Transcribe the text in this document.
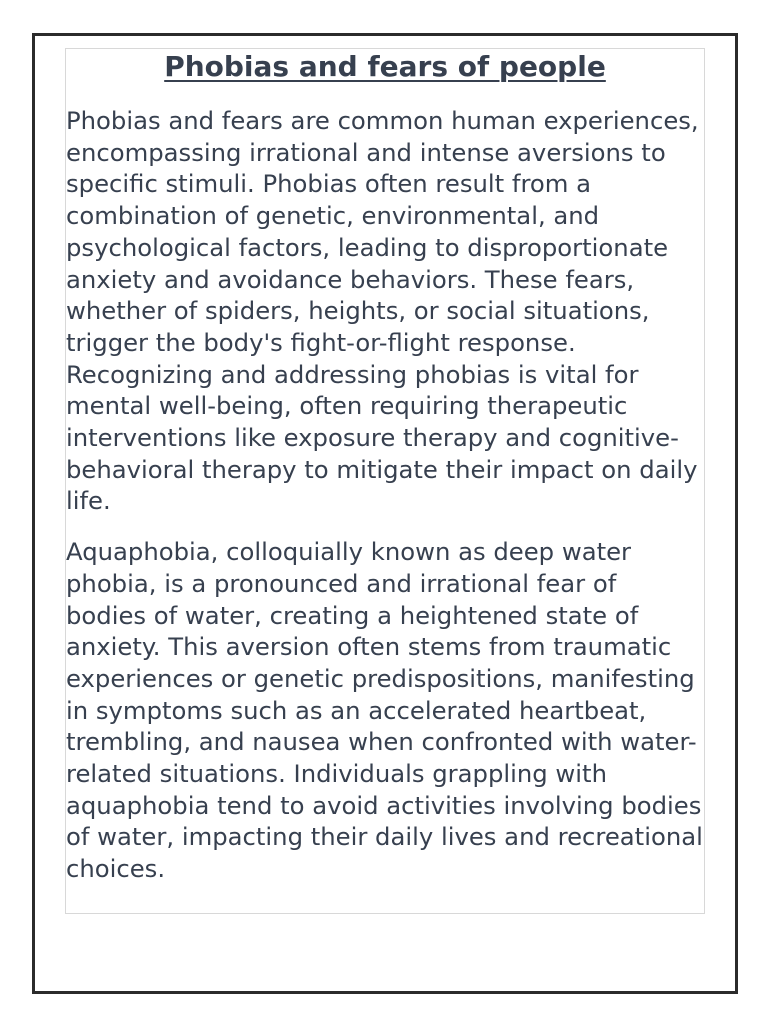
Phobias and fears of people

Phobias and fears are common human experiences, encompassing irrational and intense aversions to specific stimuli. Phobias often result from a combination of genetic, environmental, and psychological factors, leading to disproportionate anxiety and avoidance behaviors. These fears, whether of spiders, heights, or social situations, trigger the body's fight-or-flight response. Recognizing and addressing phobias is vital for mental well-being, often requiring therapeutic interventions like exposure therapy and cognitive-behavioral therapy to mitigate their impact on daily life.

Aquaphobia, colloquially known as deep water phobia, is a pronounced and irrational fear of bodies of water, creating a heightened state of anxiety. This aversion often stems from traumatic experiences or genetic predispositions, manifesting in symptoms such as an accelerated heartbeat, trembling, and nausea when confronted with water-related situations. Individuals grappling with aquaphobia tend to avoid activities involving bodies of water, impacting their daily lives and recreational choices.
